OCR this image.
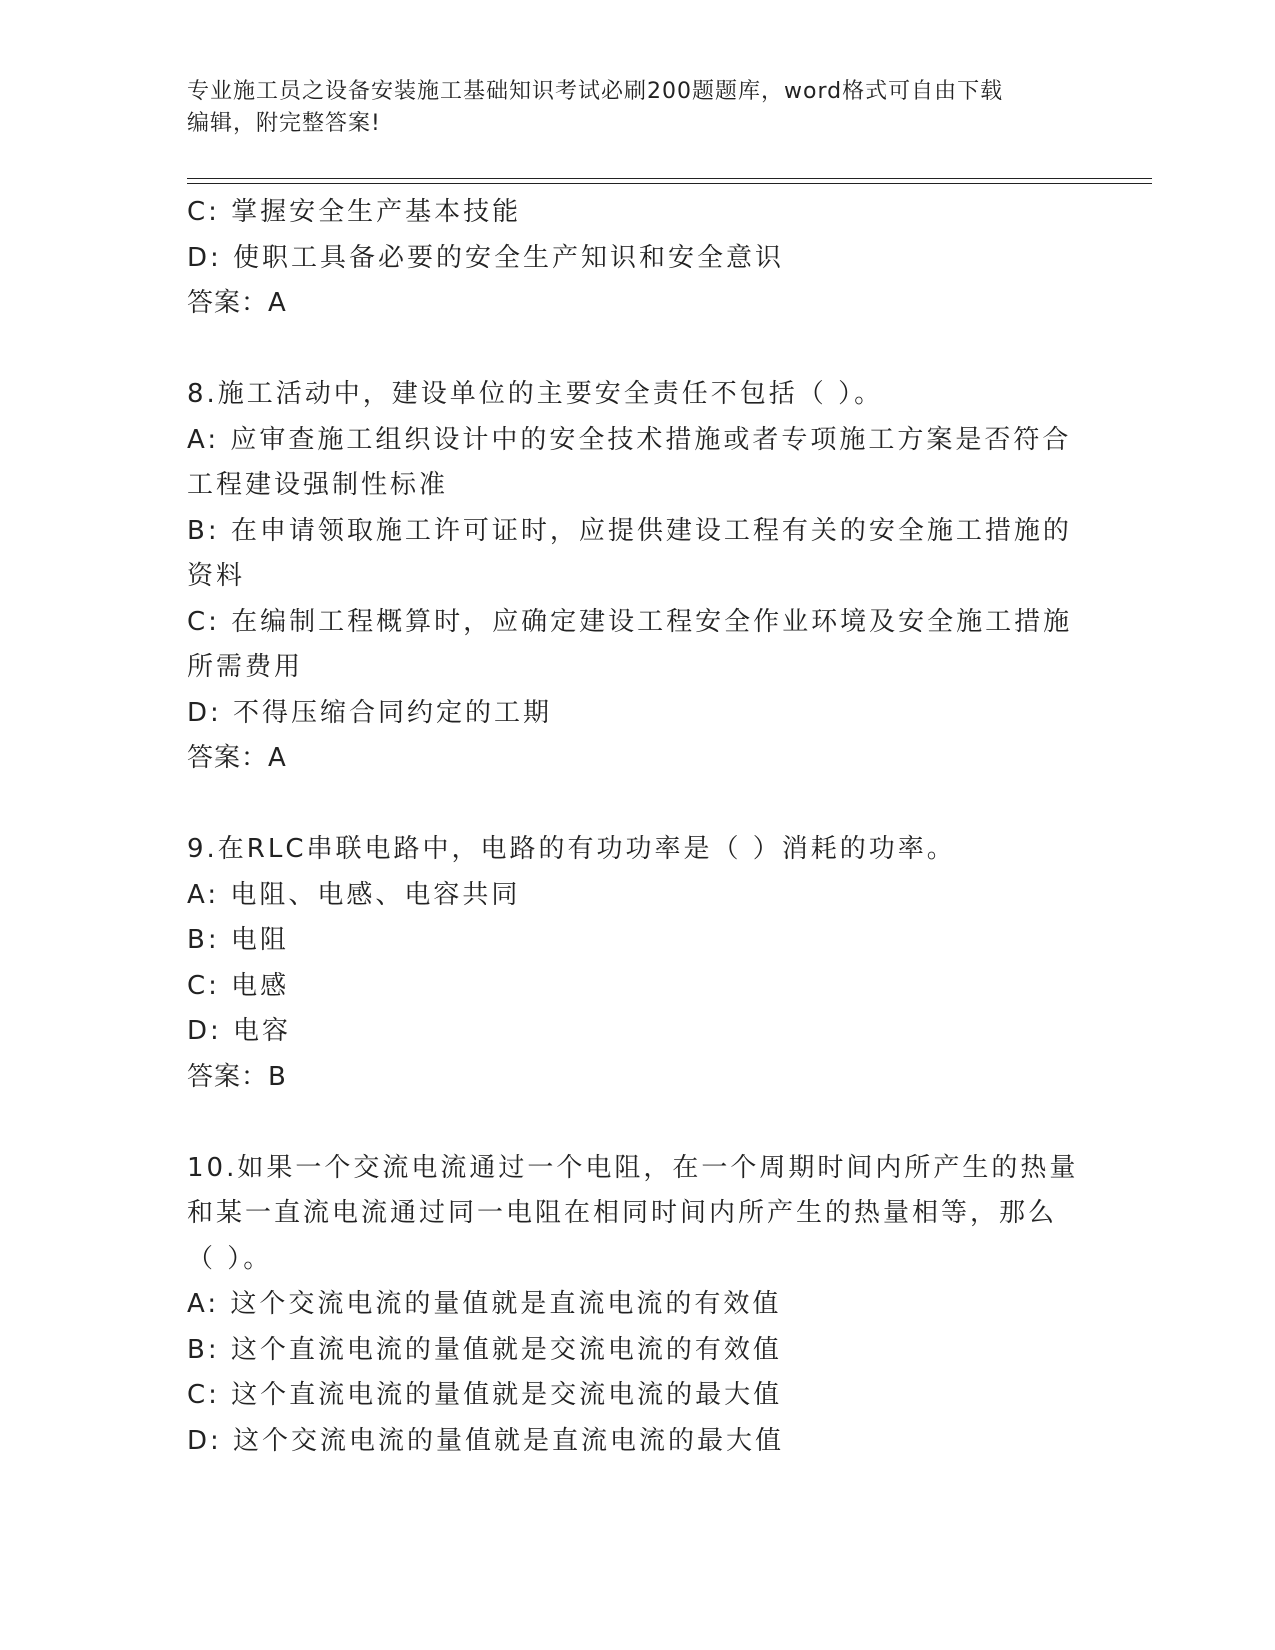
专业施工员之设备安装施工基础知识考试必刷200题题库，word格式可自由下载
编辑，附完整答案!
C: 掌握安全生产基本技能
D: 使职工具备必要的安全生产知识和安全意识
答案：A
8.施工活动中，建设单位的主要安全责任不包括（ ）。
A: 应审查施工组织设计中的安全技术措施或者专项施工方案是否符合
工程建设强制性标准
B: 在申请领取施工许可证时，应提供建设工程有关的安全施工措施的
资料
C: 在编制工程概算时，应确定建设工程安全作业环境及安全施工措施
所需费用
D: 不得压缩合同约定的工期
答案：A
9.在RLC串联电路中，电路的有功功率是（ ）消耗的功率。
A: 电阻、电感、电容共同
B: 电阻
C: 电感
D: 电容
答案：B
10.如果一个交流电流通过一个电阻，在一个周期时间内所产生的热量
和某一直流电流通过同一电阻在相同时间内所产生的热量相等，那么
（ ）。
A: 这个交流电流的量值就是直流电流的有效值
B: 这个直流电流的量值就是交流电流的有效值
C: 这个直流电流的量值就是交流电流的最大值
D: 这个交流电流的量值就是直流电流的最大值
